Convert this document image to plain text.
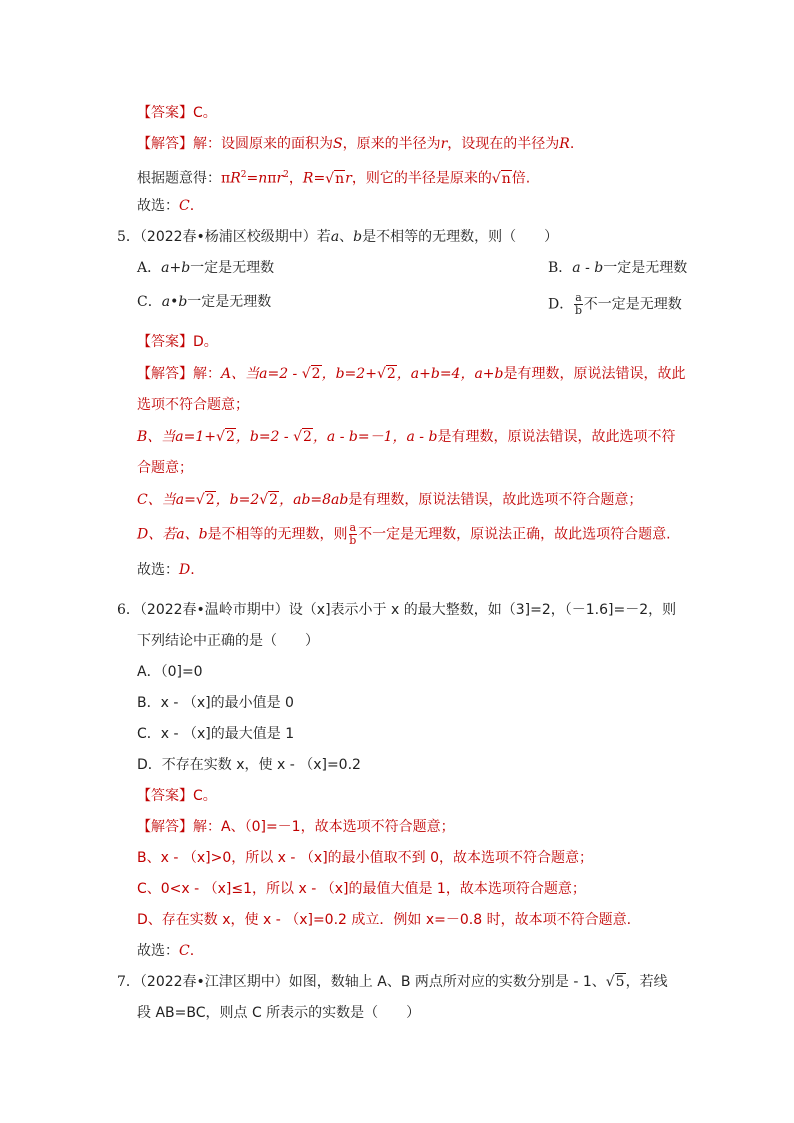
【答案】C。
【解答】解：设圆原来的面积为S，原来的半径为r，设现在的半径为R.
根据题意得：$\pi R^2=n\pi r^2$，R=√nr，则它的半径是原来的√n倍.
故选：C.
5．（2022春•杨浦区校级期中）若a、b是不相等的无理数，则（　　）
A．a+b一定是无理数	B．a - b一定是无理数
C．a•b一定是无理数	D． $\frac{a}{b}$ 不一定是无理数
【答案】D。
【解答】解：A、当a=2 - √2，b=2+√2，a+b=4，a+b是有理数，原说法错误，故此
选项不符合题意；
B、当a=1+√2，b=2 - √2，a - b=－1，a - b是有理数，原说法错误，故此选项不符
合题意；
C、当a=√2，b=2√2，ab=8ab是有理数，原说法错误，故此选项不符合题意；
D、若a、b是不相等的无理数，则 $\frac{a}{b}$ 不一定是无理数，原说法正确，故此选项符合题意.
故选：D.
6．（2022春•温岭市期中）设（x]表示小于 x 的最大整数，如（3]=2，（－1.6]=－2，则
下列结论中正确的是（　　）
A．（0]=0
B．x - （x]的最小值是 0
C．x - （x]的最大值是 1
D．不存在实数 x，使 x - （x]=0.2
【答案】C。
【解答】解：A、（0]=－1，故本选项不符合题意；
B、x - （x]>0，所以 x - （x]的最小值取不到 0，故本选项不符合题意；
C、0<x - （x]≤1，所以 x - （x]的最值大值是 1，故本选项符合题意；
D、存在实数 x，使 x - （x]=0.2 成立．例如 x=－0.8 时，故本项不符合题意.
故选：C.
7．（2022春•江津区期中）如图，数轴上 A、B 两点所对应的实数分别是 - 1、√5，若线
段 AB=BC，则点 C 所表示的实数是（　　）
